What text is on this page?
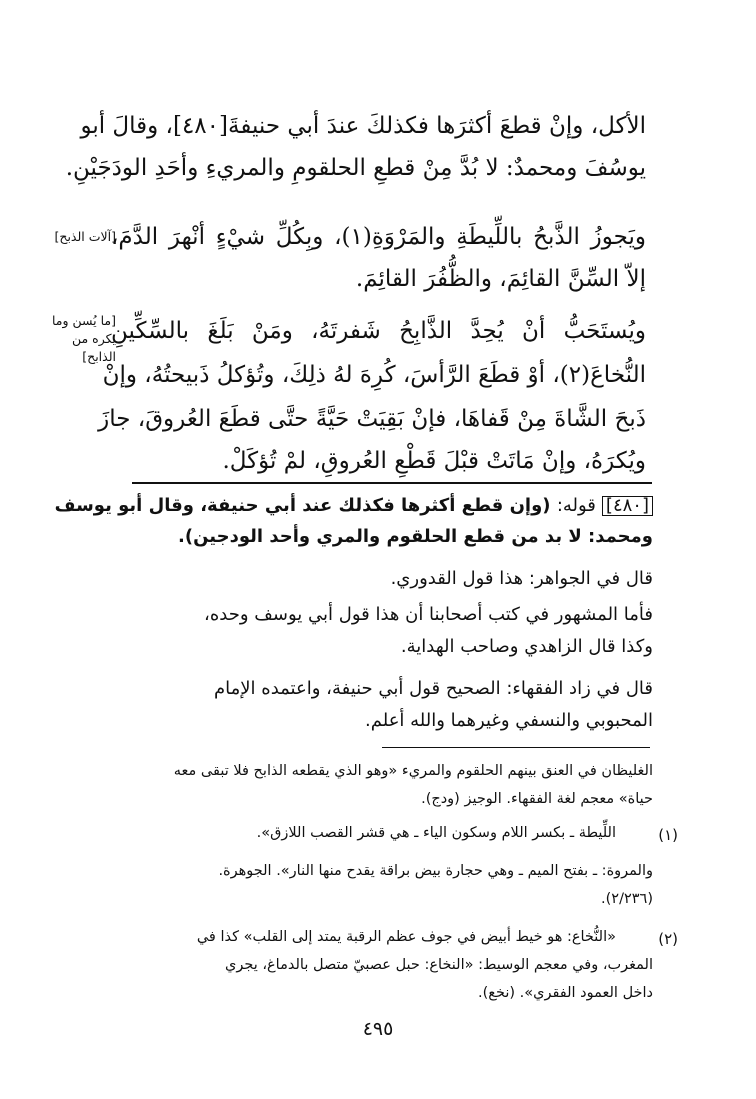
الأكل، وإنْ قطعَ أكثرَها فكذلكَ عندَ أبي حنيفةَ[٤٨٠]، وقالَ أبو
يوسُفَ ومحمدٌ: لا بُدَّ مِنْ قطعِ الحلقومِ والمريءِ وأحَدِ الودَجَيْنِ.
ويَجوزُ الذَّبحُ باللِّيطَةِ والمَرْوَةِ(١)، وبِكُلِّ شيْءٍ أنْهرَ الدَّمَ،
إلاّ السِّنَّ القائِمَ، والظُّفُرَ القائِمَ.
ويُستَحَبُّ أنْ يُحِدَّ الذَّابِحُ شَفرتَهُ، ومَنْ بَلَغَ بالسِّكِّينِ
النُّخاعَ(٢)، أوْ قطَعَ الرَّأسَ، كُرِهَ لهُ ذلِكَ، وتُؤكلُ ذَبيحتُهُ، وإنْ
ذَبحَ الشَّاةَ مِنْ قَفاهَا، فإنْ بَقِيَتْ حَيَّةً حتَّى قطَعَ العُروقَ، جازَ
ويُكرَهُ، وإنْ مَاتَتْ قبْلَ قَطْعِ العُروقِ، لمْ تُؤكَلْ.
[آلات الذبح]
[ما يُسن وما
يكره من
الذابح]
[٤٨٠]قوله: (وإن قطع أكثرها فكذلك عند أبي حنيفة، وقال أبو يوسف
ومحمد: لا بد من قطع الحلقوم والمري وأحد الودجين).
قال في الجواهر: هذا قول القدوري.
فأما المشهور في كتب أصحابنا أن هذا قول أبي يوسف وحده،
وكذا قال الزاهدي وصاحب الهداية.
قال في زاد الفقهاء: الصحيح قول أبي حنيفة، واعتمده الإمام
المحبوبي والنسفي وغيرهما والله أعلم.
الغليظان في العنق بينهم الحلقوم والمريء «وهو الذي يقطعه الذابح فلا تبقى معه
حياة» معجم لغة الفقهاء. الوجيز (ودج).
(١)
اللِّيطة ـ بكسر اللام وسكون الياء ـ هي قشر القصب اللازق».
والمروة: ـ بفتح الميم ـ وهي حجارة بيض براقة يقدح منها النار». الجوهرة.
(٢/٢٣٦).
(٢)
«النُّخاع: هو خيط أبيض في جوف عظم الرقبة يمتد إلى القلب» كذا في
المغرب، وفي معجم الوسيط: «النخاع: حبل عصبيّ متصل بالدماغ، يجري
داخل العمود الفقري». (نخع).
٤٩٥
